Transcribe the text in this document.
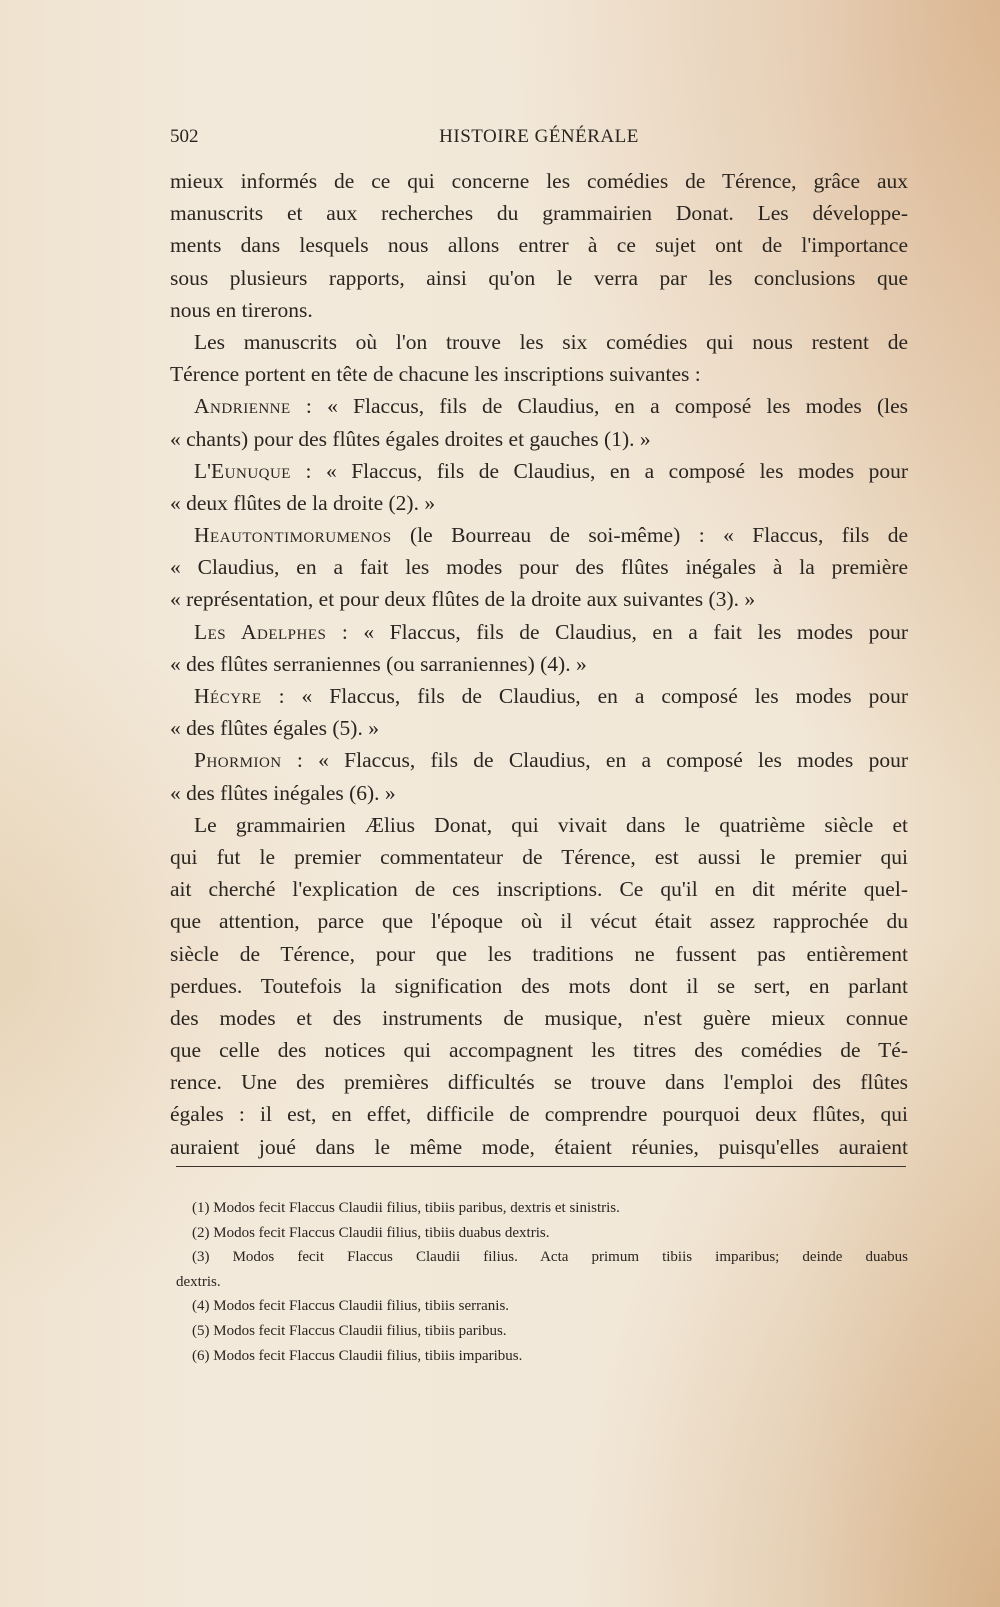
502	HISTOIRE GÉNÉRALE
mieux informés de ce qui concerne les comédies de Térence, grâce aux
manuscrits et aux recherches du grammairien Donat. Les développe-
ments dans lesquels nous allons entrer à ce sujet ont de l'importance
sous plusieurs rapports, ainsi qu'on le verra par les conclusions que
nous en tirerons.
Les manuscrits où l'on trouve les six comédies qui nous restent de
Térence portent en tête de chacune les inscriptions suivantes :
Andrienne : « Flaccus, fils de Claudius, en a composé les modes (les
« chants) pour des flûtes égales droites et gauches (1). »
L'Eunuque : « Flaccus, fils de Claudius, en a composé les modes pour
« deux flûtes de la droite (2). »
Heautontimorumenos (le Bourreau de soi-même) : « Flaccus, fils de
« Claudius, en a fait les modes pour des flûtes inégales à la première
« représentation, et pour deux flûtes de la droite aux suivantes (3). »
Les Adelphes : « Flaccus, fils de Claudius, en a fait les modes pour
« des flûtes serraniennes (ou sarraniennes) (4). »
Hécyre : « Flaccus, fils de Claudius, en a composé les modes pour
« des flûtes égales (5). »
Phormion : « Flaccus, fils de Claudius, en a composé les modes pour
« des flûtes inégales (6). »
Le grammairien Ælius Donat, qui vivait dans le quatrième siècle et
qui fut le premier commentateur de Térence, est aussi le premier qui
ait cherché l'explication de ces inscriptions. Ce qu'il en dit mérite quel-
que attention, parce que l'époque où il vécut était assez rapprochée du
siècle de Térence, pour que les traditions ne fussent pas entièrement
perdues. Toutefois la signification des mots dont il se sert, en parlant
des modes et des instruments de musique, n'est guère mieux connue
que celle des notices qui accompagnent les titres des comédies de Té-
rence. Une des premières difficultés se trouve dans l'emploi des flûtes
égales : il est, en effet, difficile de comprendre pourquoi deux flûtes, qui
auraient joué dans le même mode, étaient réunies, puisqu'elles auraient
(1) Modos fecit Flaccus Claudii filius, tibiis paribus, dextris et sinistris.
(2) Modos fecit Flaccus Claudii filius, tibiis duabus dextris.
(3) Modos fecit Flaccus Claudii filius. Acta primum tibiis imparibus; deinde duabus
dextris.
(4) Modos fecit Flaccus Claudii filius, tibiis serranis.
(5) Modos fecit Flaccus Claudii filius, tibiis paribus.
(6) Modos fecit Flaccus Claudii filius, tibiis imparibus.
